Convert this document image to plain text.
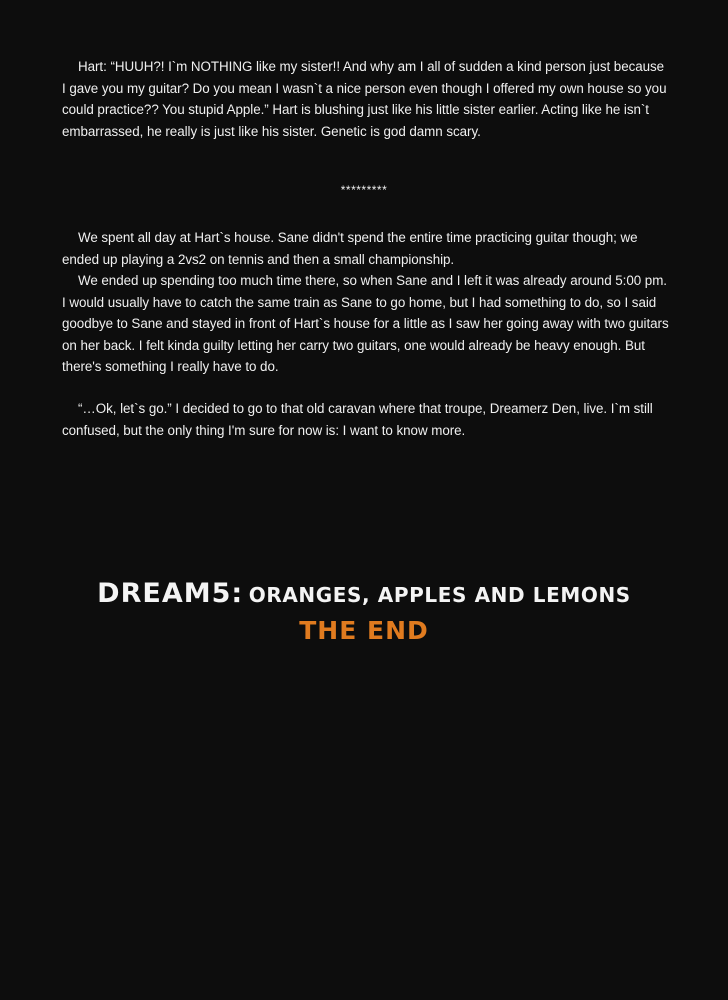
Hart: “HUUH?! I`m NOTHING like my sister!! And why am I all of sudden a kind person just because I gave you my guitar? Do you mean I wasn`t a nice person even though I offered my own house so you could practice?? You stupid Apple.” Hart is blushing just like his little sister earlier. Acting like he isn`t embarrassed, he really is just like his sister. Genetic is god damn scary.

*********

We spent all day at Hart`s house. Sane didn't spend the entire time practicing guitar though; we ended up playing a 2vs2 on tennis and then a small championship.

We ended up spending too much time there, so when Sane and I left it was already around 5:00 pm. I would usually have to catch the same train as Sane to go home, but I had something to do, so I said goodbye to Sane and stayed in front of Hart`s house for a little as I saw her going away with two guitars on her back. I felt kinda guilty letting her carry two guitars, one would already be heavy enough. But there's something I really have to do.

“…Ok, let`s go.” I decided to go to that old caravan where that troupe, Dreamerz Den, live. I`m still confused, but the only thing I'm sure for now is: I want to know more.

DREAM5: ORANGES, APPLES AND LEMONS
THE END
